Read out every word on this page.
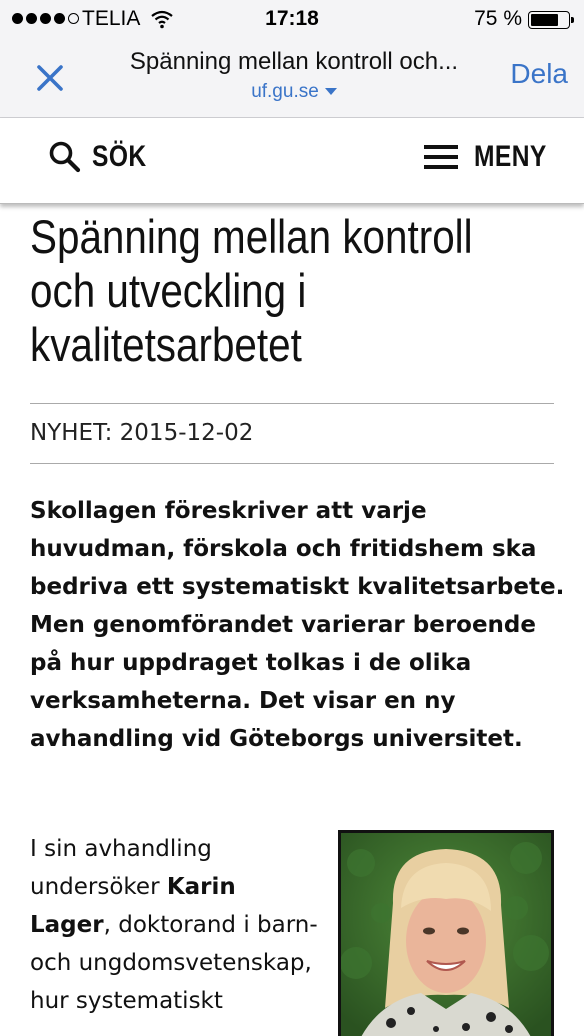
TELIA	17:18	75 %
Spänning mellan kontroll och...
uf.gu.se
Dela
SÖK	MENY
Spänning mellan kontroll
och utveckling i
kvalitetsarbetet
NYHET: 2015-12-02

Skollagen föreskriver att varje huvudman, förskola och fritidshem ska bedriva ett systematiskt kvalitetsarbete. Men genomförandet varierar beroende på hur uppdraget tolkas i de olika verksamheterna. Det visar en ny avhandling vid Göteborgs universitet.

I sin avhandling undersöker Karin Lager, doktorand i barn- och ungdomsvetenskap, hur systematiskt
